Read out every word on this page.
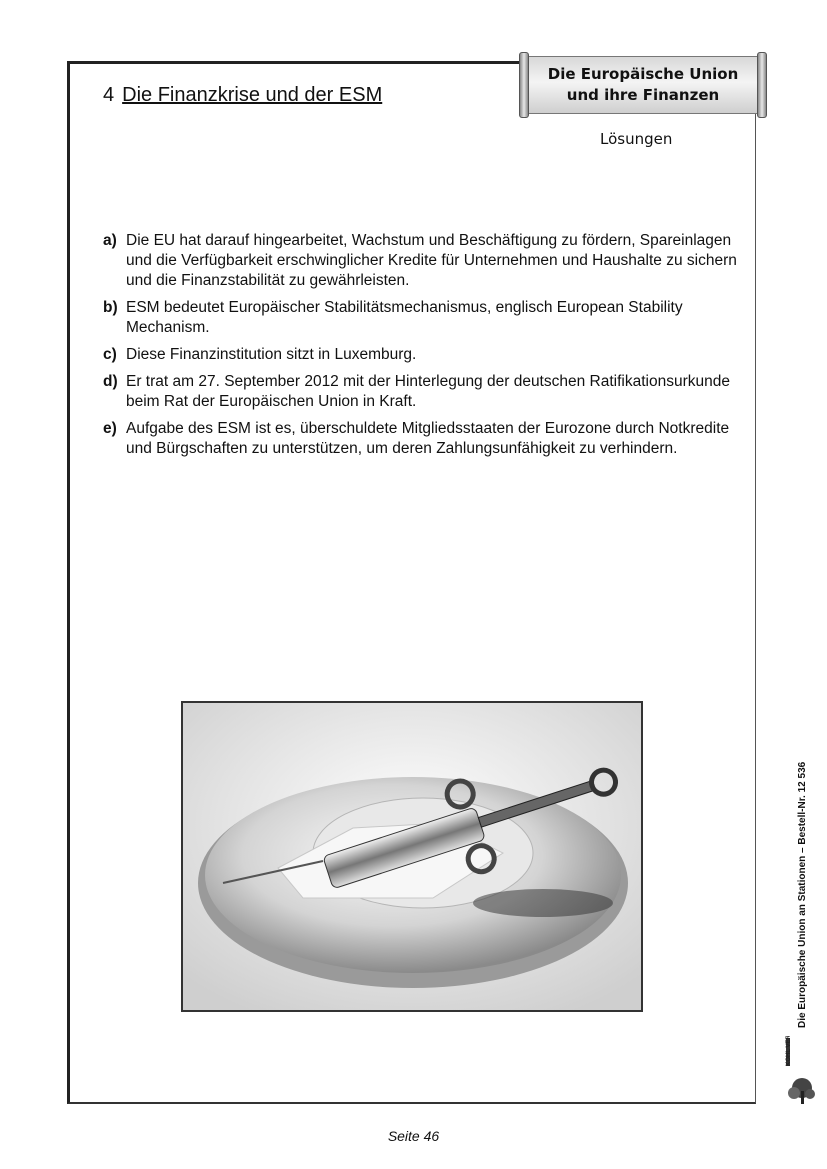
4 Die Finanzkrise und der ESM
Die Europäische Union
und ihre Finanzen
Lösungen
a) Die EU hat darauf hingearbeitet, Wachstum und Beschäftigung zu fördern, Spareinlagen und die Verfügbarkeit erschwinglicher Kredite für Unternehmen und Haushalte zu sichern und die Finanzstabilität zu gewährleisten.
b) ESM bedeutet Europäischer Stabilitätsmechanismus, englisch European Stability Mechanism.
c) Diese Finanzinstitution sitzt in Luxemburg.
d) Er trat am 27. September 2012 mit der Hinterlegung der deutschen Ratifikationsurkunde beim Rat der Europäischen Union in Kraft.
e) Aufgabe des ESM ist es, überschuldete Mitgliedsstaaten der Eurozone durch Notkredite und Bürgschaften zu unterstützen, um deren Zahlungsunfähigkeit zu verhindern.
Seite 46
Die Europäische Union an Stationen – Bestell-Nr. 12 536
KOHL VERLAG
